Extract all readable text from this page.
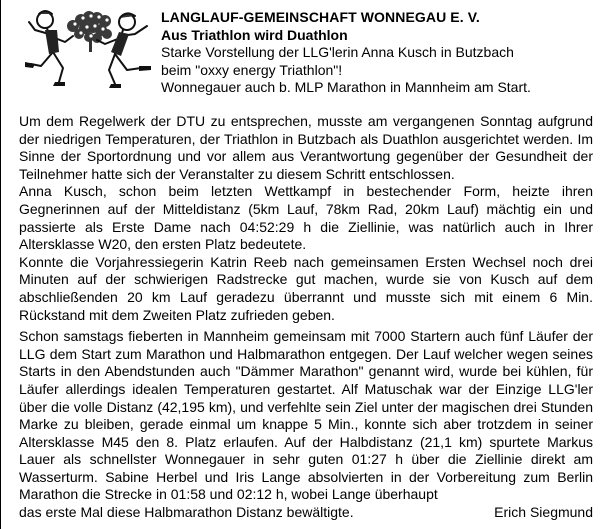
LANGLAUF-GEMEINSCHAFT WONNEGAU E. V.
Aus Triathlon wird Duathlon
Starke Vorstellung der LLG'lerin Anna Kusch in Butzbach
beim "oxxy energy Triathlon"!
Wonnegauer auch b. MLP Marathon in Mannheim am Start.

Um dem Regelwerk der DTU zu entsprechen, musste am vergangenen Sonntag aufgrund der niedrigen Temperaturen, der Triathlon in Butzbach als Duathlon ausgerichtet werden. Im Sinne der Sportordnung und vor allem aus Verantwortung gegenüber der Gesundheit der Teilnehmer hatte sich der Veranstalter zu diesem Schritt entschlossen.

Anna Kusch, schon beim letzten Wettkampf in bestechender Form, heizte ihren Gegnerinnen auf der Mitteldistanz (5km Lauf, 78km Rad, 20km Lauf) mächtig ein und passierte als Erste Dame nach 04:52:29 h die Ziellinie, was natürlich auch in Ihrer Altersklasse W20, den ersten Platz bedeutete.

Konnte die Vorjahressiegerin Katrin Reeb nach gemeinsamen Ersten Wechsel noch drei Minuten auf der schwierigen Radstrecke gut machen, wurde sie von Kusch auf dem abschließenden 20 km Lauf geradezu überrannt und musste sich mit einem 6 Min. Rückstand mit dem Zweiten Platz zufrieden geben.

Schon samstags fieberten in Mannheim gemeinsam mit 7000 Startern auch fünf Läufer der LLG dem Start zum Marathon und Halbmarathon entgegen. Der Lauf welcher wegen seines Starts in den Abendstunden auch "Dämmer Marathon" genannt wird, wurde bei kühlen, für Läufer allerdings idealen Temperaturen gestartet. Alf Matuschak war der Einzige LLG'ler über die volle Distanz (42,195 km), und verfehlte sein Ziel unter der magischen drei Stunden Marke zu bleiben, gerade einmal um knappe 5 Min., konnte sich aber trotzdem in seiner Altersklasse M45 den 8. Platz erlaufen. Auf der Halbdistanz (21,1 km) spurtete Markus Lauer als schnellster Wonnegauer in sehr guten 01:27 h über die Ziellinie direkt am Wasserturm. Sabine Herbel und Iris Lange absolvierten in der Vorbereitung zum Berlin Marathon die Strecke in 01:58 und 02:12 h, wobei Lange überhaupt

das erste Mal diese Halbmarathon Distanz bewältigte.	Erich Siegmund
